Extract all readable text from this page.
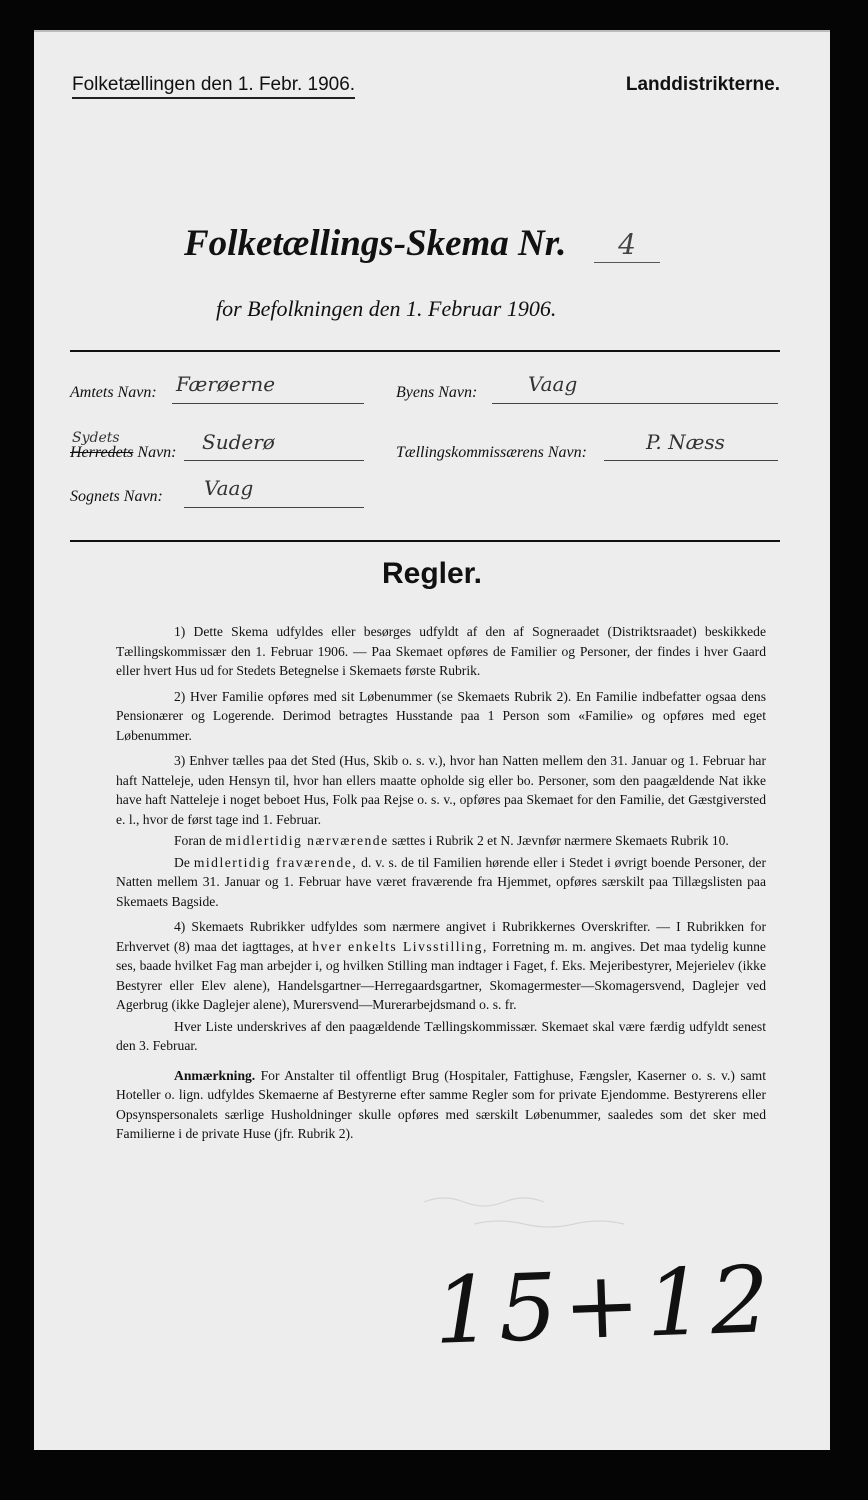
Folketællingen den 1. Febr. 1906.	Landdistrikterne.
Folketællings-Skema Nr.	4
for Befolkningen den 1. Februar 1906.
Amtets Navn: Færøerne	Byens Navn:	Vaag
Herredets
Sydets
Navn: Suderø	Tællingskommissærens Navn:	P. Næss
Sognets Navn: Vaag
Regler.

1) Dette Skema udfyldes eller besørges udfyldt af den af Sogneraadet (Distriktsraadet) beskikkede Tællingskommissær den 1. Februar 1906. — Paa Skemaet opføres de Familier og Personer, der findes i hver Gaard eller hvert Hus ud for Stedets Betegnelse i Skemaets første Rubrik.

2) Hver Familie opføres med sit Løbenummer (se Skemaets Rubrik 2). En Familie indbefatter ogsaa dens Pensionærer og Logerende. Derimod betragtes Husstande paa 1 Person som «Familie» og opføres med eget Løbenummer.

3) Enhver tælles paa det Sted (Hus, Skib o. s. v.), hvor han Natten mellem den 31. Januar og 1. Februar har haft Natteleje, uden Hensyn til, hvor han ellers maatte opholde sig eller bo. Personer, som den paagældende Nat ikke have haft Natteleje i noget beboet Hus, Folk paa Rejse o. s. v., opføres paa Skemaet for den Familie, det Gæstgiversted e. l., hvor de først tage ind 1. Februar.

Foran de midlertidig nærværende sættes i Rubrik 2 et N. Jævnfør nærmere Skemaets Rubrik 10.

De midlertidig fraværende, d. v. s. de til Familien hørende eller i Stedet i øvrigt boende Personer, der Natten mellem 31. Januar og 1. Februar have været fraværende fra Hjemmet, opføres særskilt paa Tillægslisten paa Skemaets Bagside.

4) Skemaets Rubrikker udfyldes som nærmere angivet i Rubrikkernes Overskrifter. — I Rubrikken for Erhvervet (8) maa det iagttages, at hver enkelts Livsstilling, Forretning m. m. angives. Det maa tydelig kunne ses, baade hvilket Fag man arbejder i, og hvilken Stilling man indtager i Faget, f. Eks. Mejeribestyrer, Mejerielev (ikke Bestyrer eller Elev alene), Handelsgartner—Herregaardsgartner, Skomagermester—Skomagersvend, Daglejer ved Agerbrug (ikke Daglejer alene), Murersvend—Murerarbejdsmand o. s. fr.

Hver Liste underskrives af den paagældende Tællingskommissær. Skemaet skal være færdig udfyldt senest den 3. Februar.

Anmærkning. For Anstalter til offentligt Brug (Hospitaler, Fattighuse, Fængsler, Kaserner o. s. v.) samt Hoteller o. lign. udfyldes Skemaerne af Bestyrerne efter samme Regler som for private Ejendomme. Bestyrerens eller Opsynspersonalets særlige Husholdninger skulle opføres med særskilt Løbenummer, saaledes som det sker med Familierne i de private Huse (jfr. Rubrik 2).

15+12
